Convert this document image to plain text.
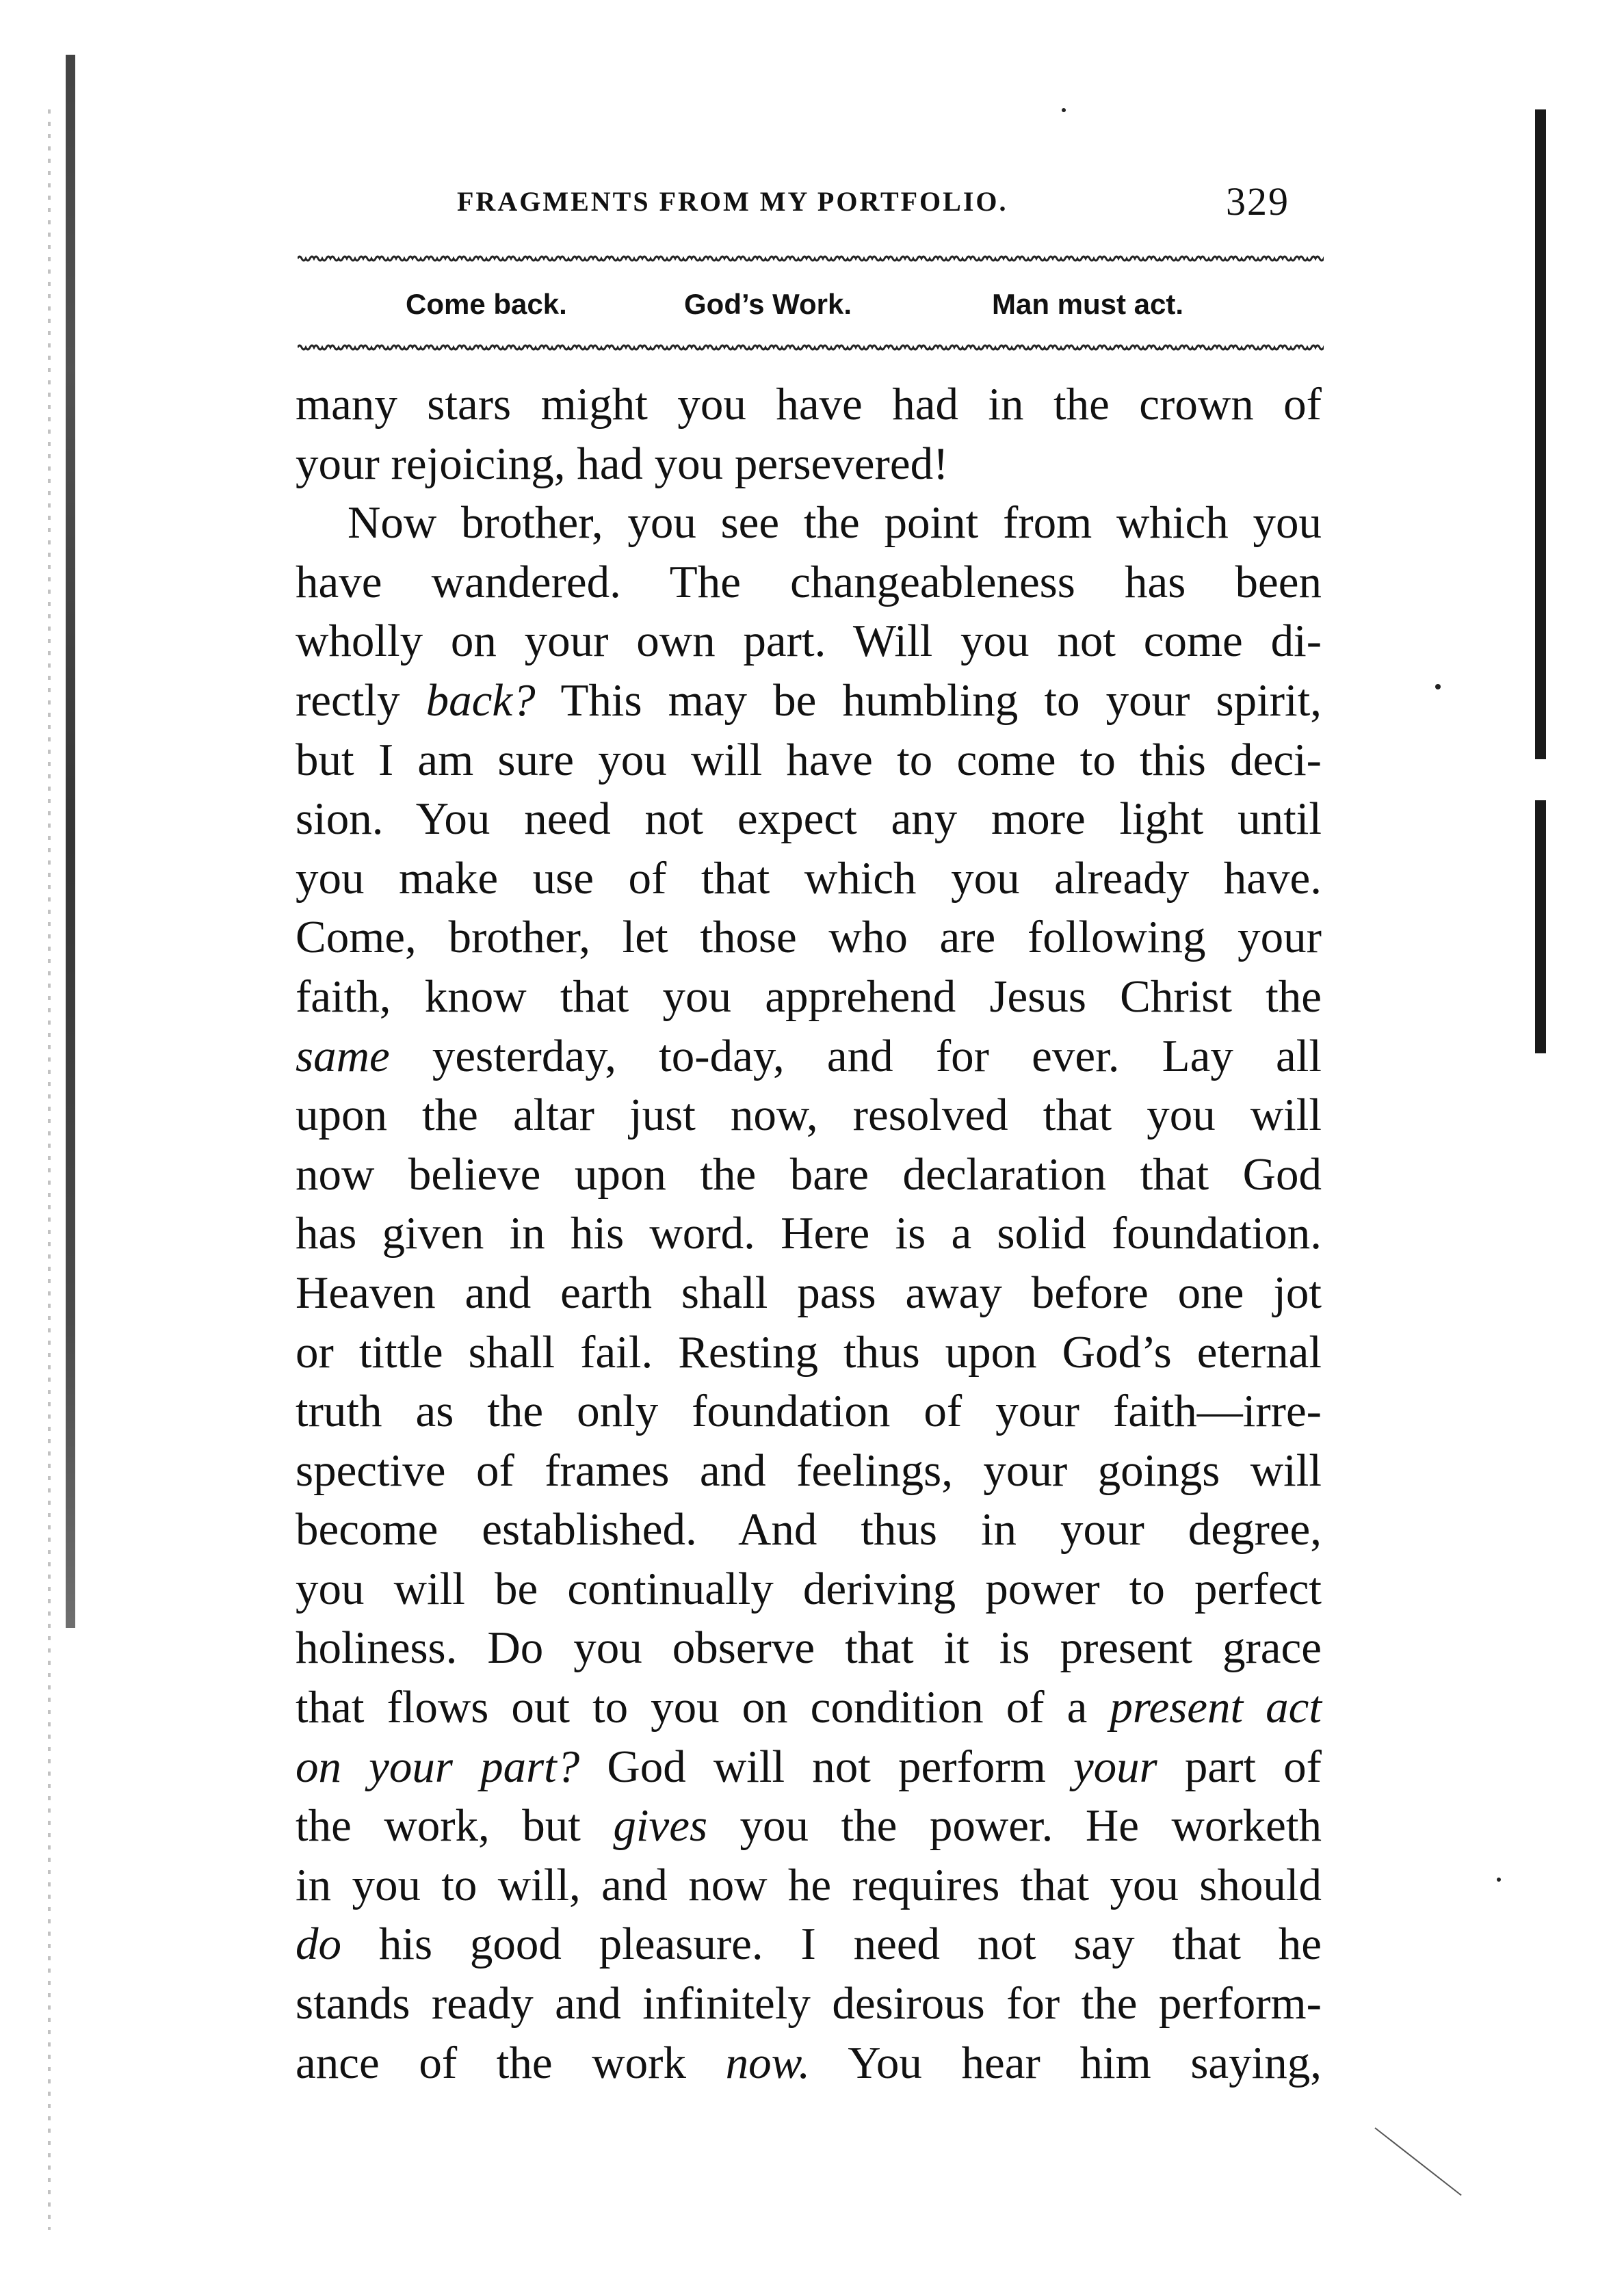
FRAGMENTS FROM MY PORTFOLIO.	329
Come back.	God’s Work.	Man must act.
many stars might you have had in the crown of
your rejoicing, had you persevered!
Now brother, you see the point from which you
have wandered. The changeableness has been
wholly on your own part. Will you not come di-
rectly back? This may be humbling to your spirit,
but I am sure you will have to come to this deci-
sion. You need not expect any more light until
you make use of that which you already have.
Come, brother, let those who are following your
faith, know that you apprehend Jesus Christ the
same yesterday, to-day, and for ever. Lay all
upon the altar just now, resolved that you will
now believe upon the bare declaration that God
has given in his word. Here is a solid foundation.
Heaven and earth shall pass away before one jot
or tittle shall fail. Resting thus upon God’s eternal
truth as the only foundation of your faith—irre-
spective of frames and feelings, your goings will
become established. And thus in your degree,
you will be continually deriving power to perfect
holiness. Do you observe that it is present grace
that flows out to you on condition of a present act
on your part? God will not perform your part of
the work, but gives you the power. He worketh
in you to will, and now he requires that you should
do his good pleasure. I need not say that he
stands ready and infinitely desirous for the perform-
ance of the work now. You hear him saying,
